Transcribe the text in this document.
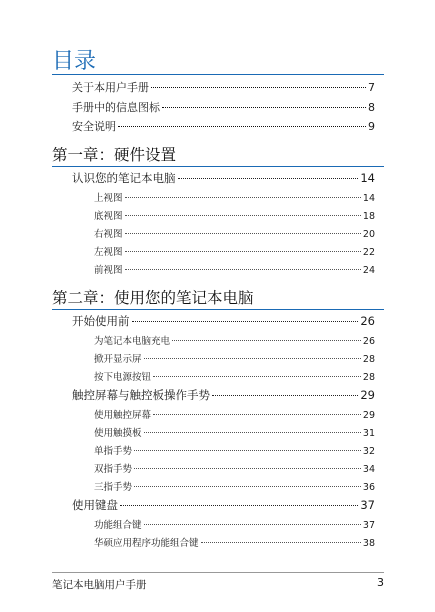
目录
关于本用户手册	7
手册中的信息图标	8
安全说明	9
第一章：硬件设置
认识您的笔记本电脑	14
上视图	14
底视图	18
右视图	20
左视图	22
前视图	24
第二章：使用您的笔记本电脑
开始使用前	26
为笔记本电脑充电	26
掀开显示屏	28
按下电源按钮	28
触控屏幕与触控板操作手势	29
使用触控屏幕	29
使用触摸板	31
单指手势	32
双指手势	34
三指手势	36
使用键盘	37
功能组合键	37
华硕应用程序功能组合键	38
笔记本电脑用户手册	3
